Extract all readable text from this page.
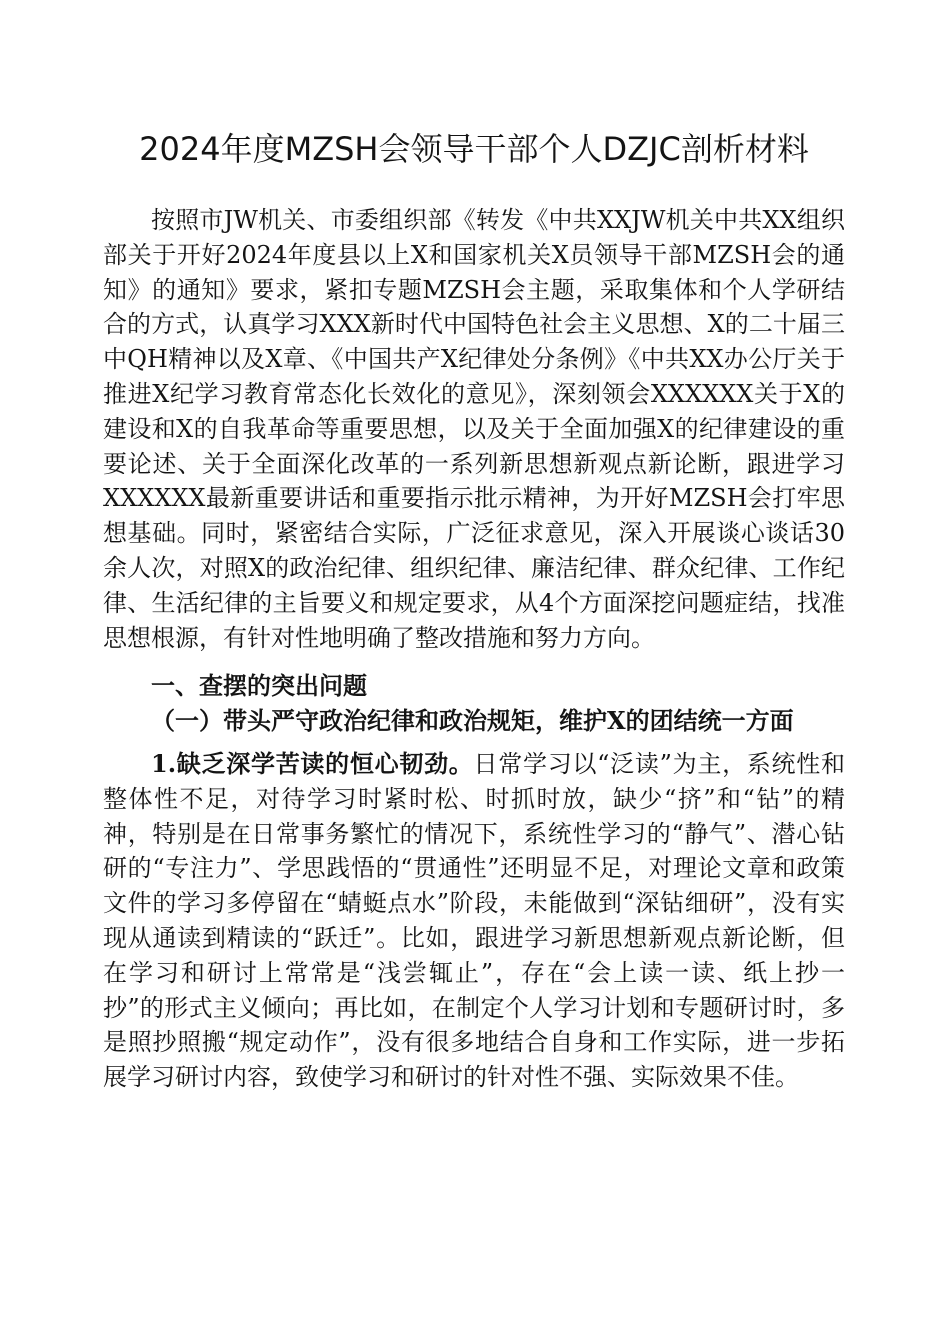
2024年度MZSH会领导干部个人DZJC剖析材料

按照市JW机关、市委组织部《转发《中共XXJW机关中共XX组织部关于开好2024年度县以上X和国家机关X员领导干部MZSH会的通知》的通知》要求，紧扣专题MZSH会主题，采取集体和个人学研结合的方式，认真学习XXX新时代中国特色社会主义思想、X的二十届三中QH精神以及X章、《中国共产X纪律处分条例》《中共XX办公厅关于推进X纪学习教育常态化长效化的意见》，深刻领会XXXXXX关于X的建设和X的自我革命等重要思想，以及关于全面加强X的纪律建设的重要论述、关于全面深化改革的一系列新思想新观点新论断，跟进学习XXXXXX最新重要讲话和重要指示批示精神，为开好MZSH会打牢思想基础。同时，紧密结合实际，广泛征求意见，深入开展谈心谈话30余人次，对照X的政治纪律、组织纪律、廉洁纪律、群众纪律、工作纪律、生活纪律的主旨要义和规定要求，从4个方面深挖问题症结，找准思想根源，有针对性地明确了整改措施和努力方向。

一、查摆的突出问题

（一）带头严守政治纪律和政治规矩，维护X的团结统一方面

1.缺乏深学苦读的恒心韧劲。日常学习以“泛读”为主，系统性和整体性不足，对待学习时紧时松、时抓时放，缺少“挤”和“钻”的精神，特别是在日常事务繁忙的情况下，系统性学习的“静气”、潜心钻研的“专注力”、学思践悟的“贯通性”还明显不足，对理论文章和政策文件的学习多停留在“蜻蜓点水”阶段，未能做到“深钻细研”，没有实现从通读到精读的“跃迁”。比如，跟进学习新思想新观点新论断，但在学习和研讨上常常是“浅尝辄止”，存在“会上读一读、纸上抄一抄”的形式主义倾向；再比如，在制定个人学习计划和专题研讨时，多是照抄照搬“规定动作”，没有很多地结合自身和工作实际，进一步拓展学习研讨内容，致使学习和研讨的针对性不强、实际效果不佳。
